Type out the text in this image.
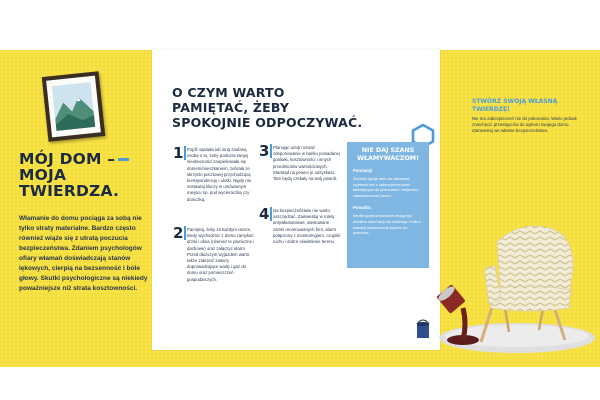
MÓJ DOM –
MOJA
TWIERDZA.
Włamanie do domu pociąga za sobą nie tylko straty materialne. Bardzo często również wiąże się z utratą poczucia bezpieczeństwa. Zdaniem psychologów ofiary włamań doświadczają stanów lękowych, cierpią na bezsenność i bóle głowy. Skutki psychologiczne są niekiedy poważniejsze niż strata kosztowności.
O CZYM WARTO
PAMIĘTAĆ, ŻEBY
SPOKOJNIE ODPOCZYWAĆ.
1 Pojdź sąsiada lub inną zaufaną osobę o to, żeby podczas twojej nieobecności zaopiekowała się domem/mieszkaniem, zebrała ze skrzynki pocztowej przychodzącą korespondencję i ulotki. Nigdy nie zostawiaj kluczy w umówionym miejscu np. pod wycieraczką czy doniczką.
2 Pamiętaj, żeby za każdym razem, kiedy wychodzisz z domu zamykać drzwi i okna (również te piwniczne i dachowe) oraz załączyć alarm. Przed dłuższym wyjazdem warto także zakręcić zawory doprowadzające wodę i gaz do domu oraz pomieszczeń gospodarczych.
3 Planując urlop rozważ zdeponowanie w banku posiadanej gotówki, kosztowności i innych przedmiotów wartościowych. Stamtąd na pewno je odzyskasz. Tam będą czekały na twój powrót.
4 Na bezpieczeństwie nie warto oszczędzać. Zainwestuj w rolety antywłamaniowe, atestowane zamki renomowanych firm, alarm połączony z monitoringiem, czujniki ruchu i dobre oświetlenie terenu.
NIE DAJ SZANS WŁAMYWACZOM!
Pamiętaj!
Złodziej typuje dom do włamania wybierać ten z zabezpieczeniami łatwiejszymi do pokonania i miejscami zabezpieczonej domu.
Ponadto,
media społecznościowe mogą być źródłem informacji dla złodzieja. Fotki z wakacji zamieszczaj dopiero po powrocie.
STWÓRZ SWOJĄ WŁASNĄ
TWIERDZĘ!
Nie ma zabezpieczeń nie do pokonania. Warto jednak zniechęcić przestępców do wyboru twojego domu. Zainwestuj we własne bezpieczeństwo.
